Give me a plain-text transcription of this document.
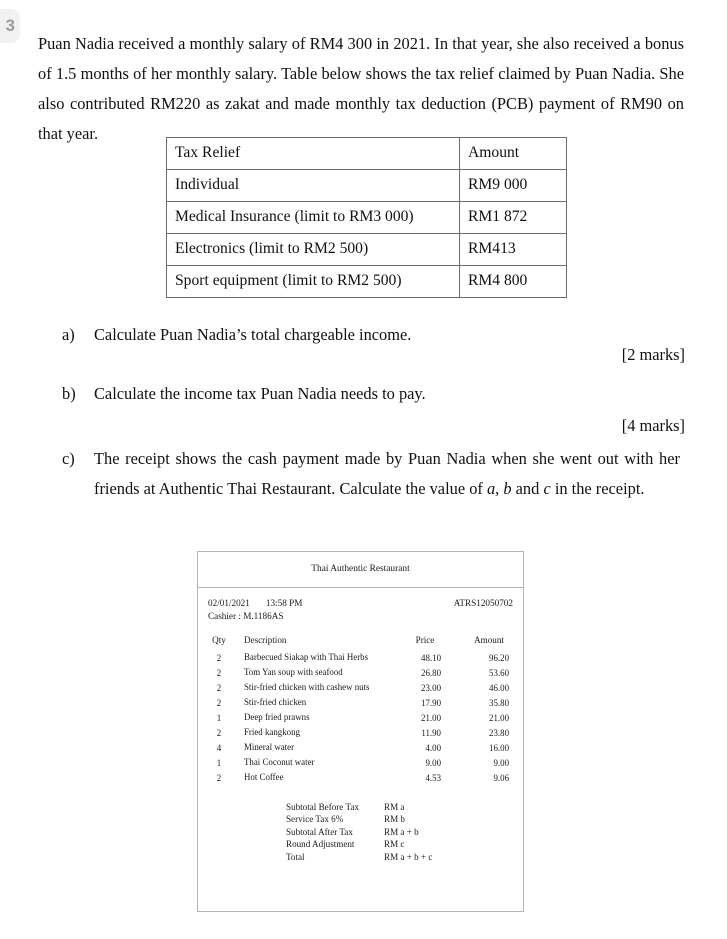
3

Puan Nadia received a monthly salary of RM4 300 in 2021. In that year, she also received a bonus of 1.5 months of her monthly salary. Table below shows the tax relief claimed by Puan Nadia. She also contributed RM220 as zakat and made monthly tax deduction (PCB) payment of RM90 on that year.

Tax Relief	Amount
Individual	RM9 000
Medical Insurance (limit to RM3 000)	RM1 872
Electronics (limit to RM2 500)	RM413
Sport equipment (limit to RM2 500)	RM4 800
a)	Calculate Puan Nadia’s total chargeable income.
[2 marks]
b)	Calculate the income tax Puan Nadia needs to pay.
[4 marks]
c)	The receipt shows the cash payment made by Puan Nadia when she went out with her friends at Authentic Thai Restaurant. Calculate the value of a, b and c in the receipt.
Thai Authentic Restaurant
02/01/2021 13:58 PM	ATRS12050702
Cashier : M.1186AS
Qty	Description	Price	Amount
2	Barbecued Siakap with Thai Herbs	48.10	96.20
2	Tom Yan soup with seafood	26.80	53.60
2	Stir-fried chicken with cashew nuts	23.00	46.00
2	Stir-fried chicken	17.90	35.80
1	Deep fried prawns	21.00	21.00
2	Fried kangkong	11.90	23.80
4	Mineral water	4.00	16.00
1	Thai Coconut water	9.00	9.00
2	Hot Coffee	4.53	9.06
Subtotal Before Tax	RM a
Service Tax 6%	RM b
Subtotal After Tax	RM a + b
Round Adjustment	RM c
Total	RM a + b + c
